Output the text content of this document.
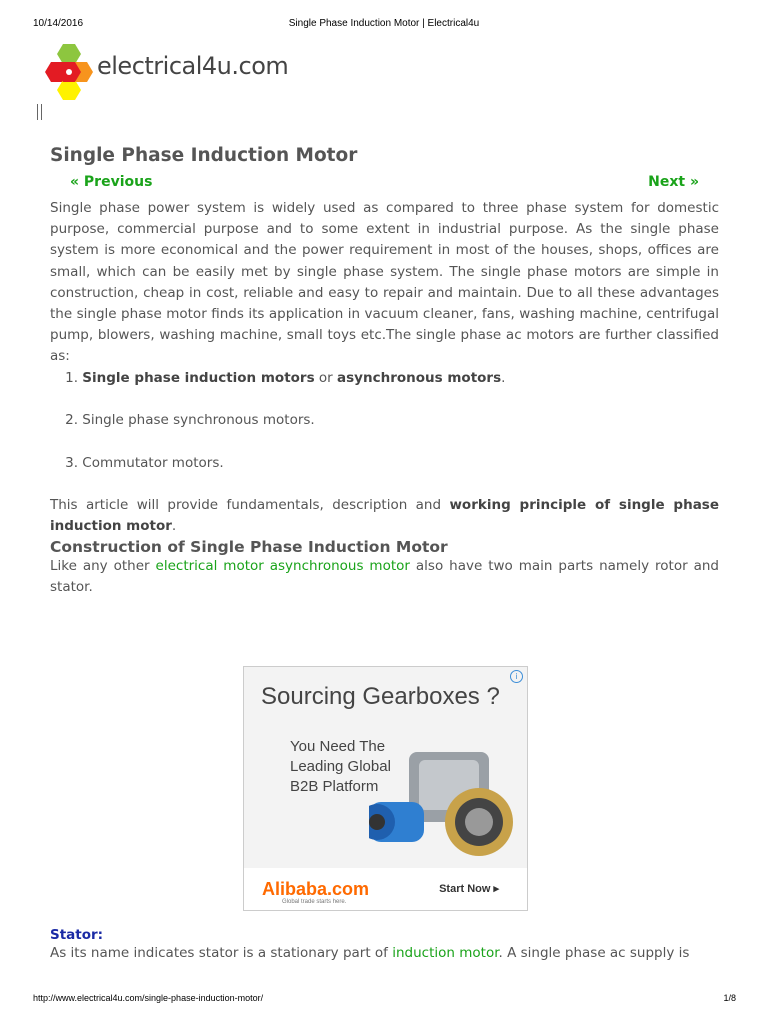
10/14/2016	Single Phase Induction Motor | Electrical4u
electrical4u.com
Single Phase Induction Motor
« Previous	Next »

Single phase power system is widely used as compared to three phase system for domestic purpose, commercial purpose and to some extent in industrial purpose. As the single phase system is more economical and the power requirement in most of the houses, shops, offices are small, which can be easily met by single phase system. The single phase motors are simple in construction, cheap in cost, reliable and easy to repair and maintain. Due to all these advantages the single phase motor finds its application in vacuum cleaner, fans, washing machine, centrifugal pump, blowers, washing machine, small toys etc.The single phase ac motors are further classified as:

1. Single phase induction motors or asynchronous motors.
2. Single phase synchronous motors.
3. Commutator motors.

This article will provide fundamentals, description and working principle of single phase induction motor.

Construction of Single Phase Induction Motor

Like any other electrical motor asynchronous motor also have two main parts namely rotor and stator.

i
Sourcing Gearboxes ?
You Need The
Leading Global
B2B Platform
Alibaba.com
Global trade starts here.
Start Now ▸
Stator:

As its name indicates stator is a stationary part of induction motor. A single phase ac supply is

http://www.electrical4u.com/single-phase-induction-motor/	1/8
